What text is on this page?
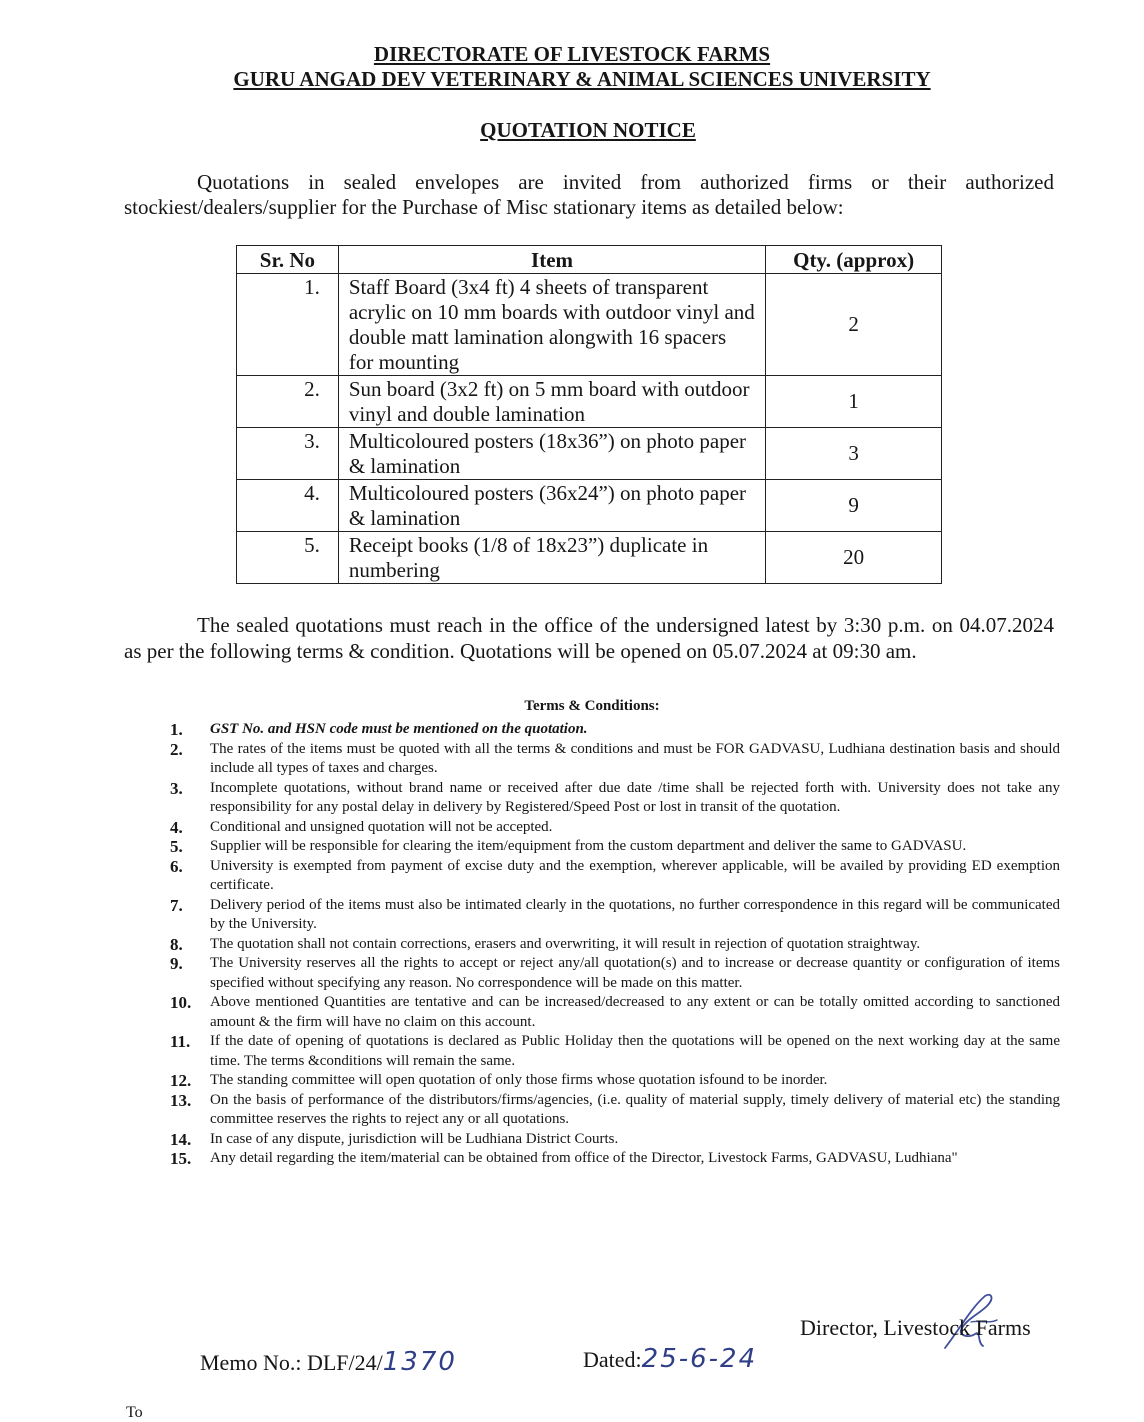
DIRECTORATE OF LIVESTOCK FARMS
GURU ANGAD DEV VETERINARY & ANIMAL SCIENCES UNIVERSITY
QUOTATION NOTICE

Quotations in sealed envelopes are invited from authorized firms or their authorized stockiest/dealers/supplier for the Purchase of Misc stationary items as detailed below:

Sr. No	Item	Qty. (approx)
1.	Staff Board (3x4 ft) 4 sheets of transparent acrylic on 10 mm boards with outdoor vinyl and double matt lamination alongwith 16 spacers for mounting	2
2.	Sun board (3x2 ft) on 5 mm board with outdoor vinyl and double lamination	1
3.	Multicoloured posters (18x36”) on photo paper & lamination	3
4.	Multicoloured posters (36x24”) on photo paper & lamination	9
5.	Receipt books (1/8 of 18x23”) duplicate in numbering	20

The sealed quotations must reach in the office of the undersigned latest by 3:30 p.m. on 04.07.2024 as per the following terms & condition. Quotations will be opened on 05.07.2024 at 09:30 am.

Terms & Conditions:
1. GST No. and HSN code must be mentioned on the quotation.
2. The rates of the items must be quoted with all the terms & conditions and must be FOR GADVASU, Ludhiana destination basis and should include all types of taxes and charges.
3. Incomplete quotations, without brand name or received after due date /time shall be rejected forth with. University does not take any responsibility for any postal delay in delivery by Registered/Speed Post or lost in transit of the quotation.
4. Conditional and unsigned quotation will not be accepted.
5. Supplier will be responsible for clearing the item/equipment from the custom department and deliver the same to GADVASU.
6. University is exempted from payment of excise duty and the exemption, wherever applicable, will be availed by providing ED exemption certificate.
7. Delivery period of the items must also be intimated clearly in the quotations, no further correspondence in this regard will be communicated by the University.
8. The quotation shall not contain corrections, erasers and overwriting, it will result in rejection of quotation straightway.
9. The University reserves all the rights to accept or reject any/all quotation(s) and to increase or decrease quantity or configuration of items specified without specifying any reason. No correspondence will be made on this matter.
10. Above mentioned Quantities are tentative and can be increased/decreased to any extent or can be totally omitted according to sanctioned amount & the firm will have no claim on this account.
11. If the date of opening of quotations is declared as Public Holiday then the quotations will be opened on the next working day at the same time. The terms &conditions will remain the same.
12. The standing committee will open quotation of only those firms whose quotation isfound to be inorder.
13. On the basis of performance of the distributors/firms/agencies, (i.e. quality of material supply, timely delivery of material etc) the standing committee reserves the rights to reject any or all quotations.
14. In case of any dispute, jurisdiction will be Ludhiana District Courts.
15. Any detail regarding the item/material can be obtained from office of the Director, Livestock Farms, GADVASU, Ludhiana"
Director, Livestock Farms
Memo No.: DLF/24/1370	Dated:25-6-24
To
